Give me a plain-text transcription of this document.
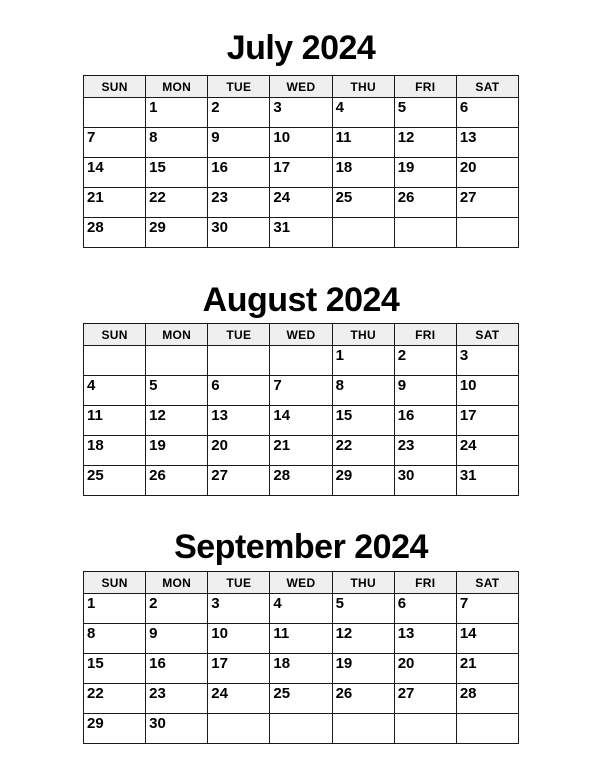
July 2024
SUN	MON	TUE	WED	THU	FRI	SAT

	1	2	3	4	5	6

7	8	9	10	11	12	13

14	15	16	17	18	19	20

21	22	23	24	25	26	27

28	29	30	31			

August 2024
SUN	MON	TUE	WED	THU	FRI	SAT

				1	2	3

4	5	6	7	8	9	10

11	12	13	14	15	16	17

18	19	20	21	22	23	24

25	26	27	28	29	30	31
September 2024
SUN	MON	TUE	WED	THU	FRI	SAT

1	2	3	4	5	6	7

8	9	10	11	12	13	14

15	16	17	18	19	20	21

22	23	24	25	26	27	28

29	30					
